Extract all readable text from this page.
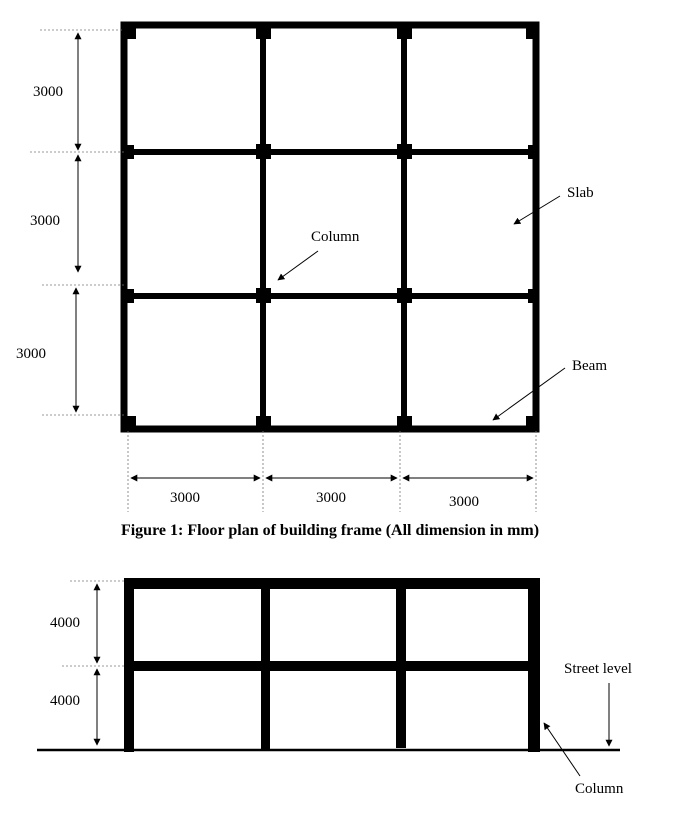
3000
3000
3000
3000	3000	3000
Slab
Column
Beam
Figure 1: Floor plan of building frame (All dimension in mm)
4000
4000
Street level
Column
